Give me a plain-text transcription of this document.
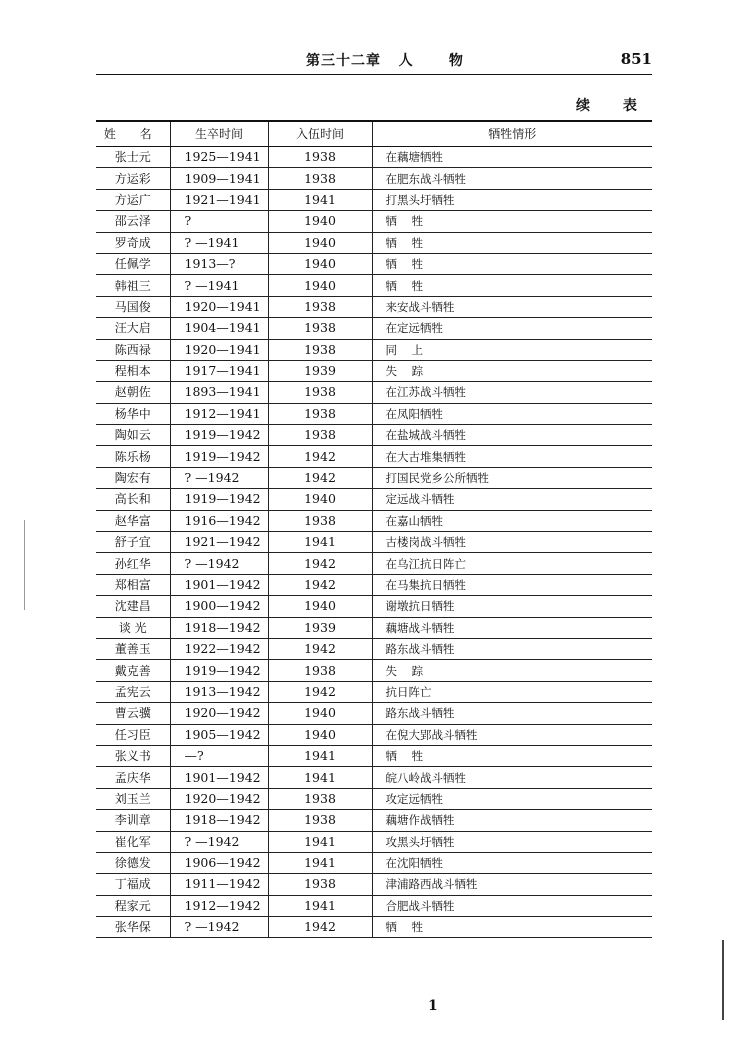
第三十二章   人      物	851
续 表
姓 名	生卒时间	入伍时间	牺牲情形
张士元	1925—1941	1938	在藕塘牺牲
方运彩	1909—1941	1938	在肥东战斗牺牲
方运广	1921—1941	1941	打黑头圩牺牲
邵云泽	?	1940	牺    牲
罗奇成	? —1941	1940	牺    牲
任佩学	1913—?	1940	牺    牲
韩祖三	? —1941	1940	牺    牲
马国俊	1920—1941	1938	来安战斗牺牲
汪大启	1904—1941	1938	在定远牺牲
陈西禄	1920—1941	1938	同    上
程相本	1917—1941	1939	失    踪
赵朝佐	1893—1941	1938	在江苏战斗牺牲
杨华中	1912—1941	1938	在凤阳牺牲
陶如云	1919—1942	1938	在盐城战斗牺牲
陈乐杨	1919—1942	1942	在大古堆集牺牲
陶宏有	? —1942	1942	打国民党乡公所牺牲
高长和	1919—1942	1940	定远战斗牺牲
赵华富	1916—1942	1938	在嘉山牺牲
舒子宜	1921—1942	1941	古楼岗战斗牺牲
孙红华	? —1942	1942	在乌江抗日阵亡
郑相富	1901—1942	1942	在马集抗日牺牲
沈建昌	1900—1942	1940	谢墩抗日牺牲
谈 光	1918—1942	1939	藕塘战斗牺牲
董善玉	1922—1942	1942	路东战斗牺牲
戴克善	1919—1942	1938	失    踪
孟宪云	1913—1942	1942	抗日阵亡
曹云骥	1920—1942	1940	路东战斗牺牲
任习臣	1905—1942	1940	在倪大郢战斗牺牲
张义书	—?	1941	牺    牲
孟庆华	1901—1942	1941	皖八岭战斗牺牲
刘玉兰	1920—1942	1938	攻定远牺牲
李训章	1918—1942	1938	藕塘作战牺牲
崔化军	? —1942	1941	攻黑头圩牺牲
徐德发	1906—1942	1941	在沈阳牺牲
丁福成	1911—1942	1938	津浦路西战斗牺牲
程家元	1912—1942	1941	合肥战斗牺牲
张华保	? —1942	1942	牺    牲
1
